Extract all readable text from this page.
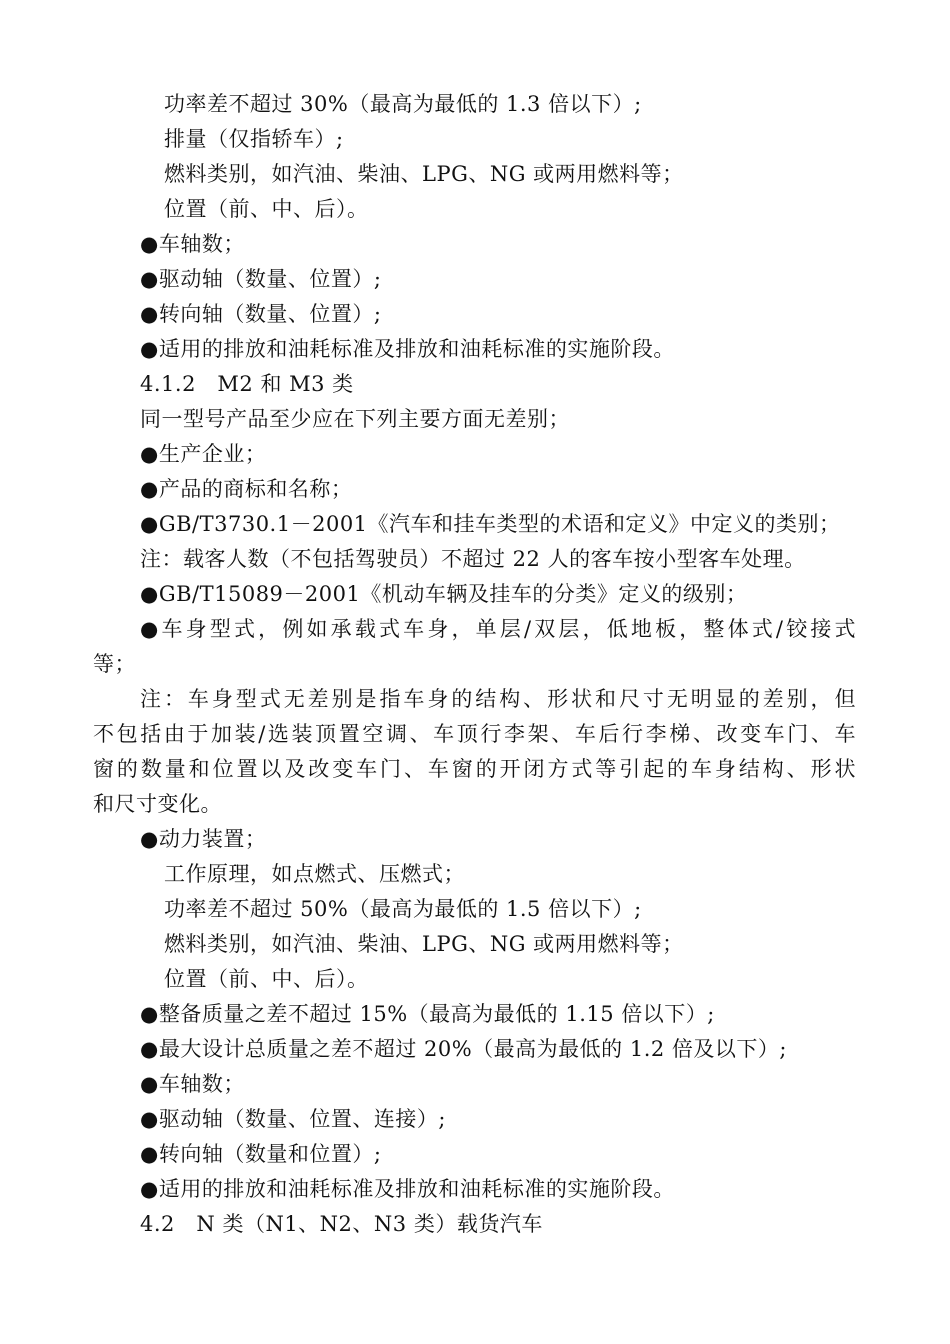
功率差不超过 30%（最高为最低的 1.3 倍以下）;
排量（仅指轿车）;
燃料类别，如汽油、柴油、LPG、NG 或两用燃料等；
位置（前、中、后）。
●车轴数；
●驱动轴（数量、位置）;
●转向轴（数量、位置）;
●适用的排放和油耗标准及排放和油耗标准的实施阶段。
4.1.2　M2 和 M3 类
同一型号产品至少应在下列主要方面无差别；
●生产企业；
●产品的商标和名称；
●GB/T3730.1－2001《汽车和挂车类型的术语和定义》中定义的类别；
注：载客人数（不包括驾驶员）不超过 22 人的客车按小型客车处理。
●GB/T15089－2001《机动车辆及挂车的分类》定义的级别；
●车身型式，例如承载式车身，单层/双层，低地板，整体式/铰接式
等；
注：车身型式无差别是指车身的结构、形状和尺寸无明显的差别，但
不包括由于加装/选装顶置空调、车顶行李架、车后行李梯、改变车门、车
窗的数量和位置以及改变车门、车窗的开闭方式等引起的车身结构、形状
和尺寸变化。
●动力装置；
工作原理，如点燃式、压燃式；
功率差不超过 50%（最高为最低的 1.5 倍以下）;
燃料类别，如汽油、柴油、LPG、NG 或两用燃料等；
位置（前、中、后）。
●整备质量之差不超过 15%（最高为最低的 1.15 倍以下）;
●最大设计总质量之差不超过 20%（最高为最低的 1.2 倍及以下）;
●车轴数；
●驱动轴（数量、位置、连接）;
●转向轴（数量和位置）;
●适用的排放和油耗标准及排放和油耗标准的实施阶段。
4.2　N 类（N1、N2、N3 类）载货汽车
